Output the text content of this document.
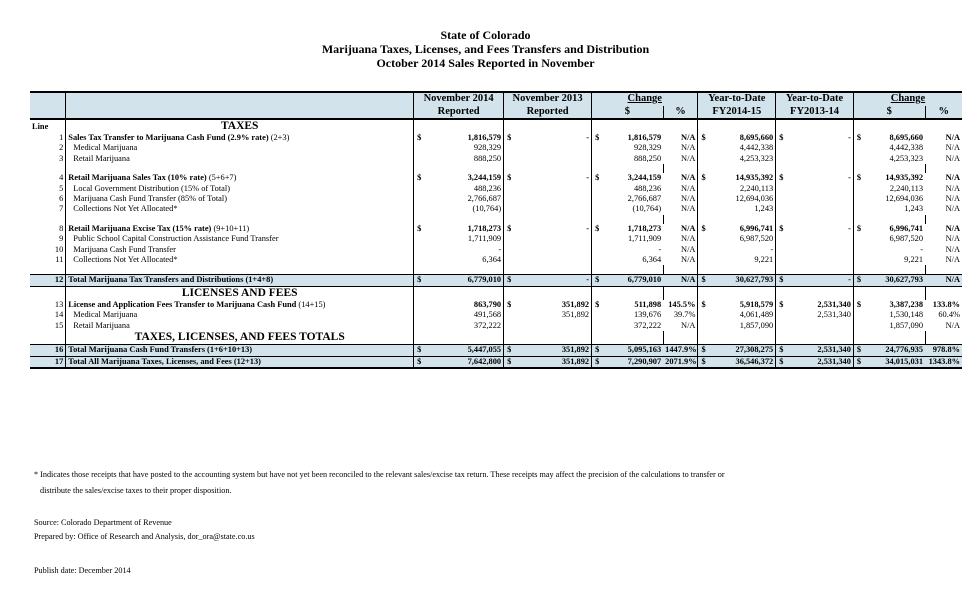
State of Colorado
Marijuana Taxes, Licenses, and Fees Transfers and Distribution
October 2014 Sales Reported in November
		November 2014		November 2013		Change			Year-to-Date		Year-to-Date		Change		
		Reported		Reported		$		%	FY2014-15		FY2013-14		$		%
Line	TAXES														
1	Sales Tax Transfer to Marijuana Cash Fund (2.9% rate) (2+3)	$	1,816,579	$	-	$	1,816,579	N/A	$	8,695,660	$	-	$	8,695,660	N/A
2	Medical Marijuana		928,329				928,329	N/A		4,442,338				4,442,338	N/A
3	Retail Marijuana		888,250				888,250	N/A		4,253,323				4,253,323	N/A

4	Retail Marijuana Sales Tax (10% rate) (5+6+7)	$	3,244,159	$	-	$	3,244,159	N/A	$	14,935,392	$	-	$	14,935,392	N/A
5	Local Government Distribution (15% of Total)		488,236				488,236	N/A		2,240,113				2,240,113	N/A
6	Marijuana Cash Fund Transfer (85% of Total)		2,766,687				2,766,687	N/A		12,694,036				12,694,036	N/A
7	Collections Not Yet Allocated*		(10,764)				(10,764)	N/A		1,243				1,243	N/A

8	Retail Marijuana Excise Tax (15% rate) (9+10+11)	$	1,718,273	$	-	$	1,718,273	N/A	$	6,996,741	$	-	$	6,996,741	N/A
9	Public School Capital Construction Assistance Fund Transfer		1,711,909				1,711,909	N/A		6,987,520				6,987,520	N/A
10	Marijuana Cash Fund Transfer		-				-	N/A		-				-	N/A
11	Collections Not Yet Allocated*		6,364				6,364	N/A		9,221				9,221	N/A

12	Total Marijuana Tax Transfers and Distributions (1+4+8)	$	6,779,010	$	-	$	6,779,010	N/A	$	30,627,793	$	-	$	30,627,793	N/A
	LICENSES AND FEES														
13	License and Application Fees Transfer to Marijuana Cash Fund (14+15)		863,790	$	351,892	$	511,898	145.5%	$	5,918,579	$	2,531,340	$	3,387,238	133.8%
14	Medical Marijuana		491,568		351,892		139,676	39.7%		4,061,489		2,531,340		1,530,148	60.4%
15	Retail Marijuana		372,222				372,222	N/A		1,857,090				1,857,090	N/A
	TAXES, LICENSES, AND FEES TOTALS														
16	Total Marijuana Cash Fund Transfers (1+6+10+13)	$	5,447,055	$	351,892	$	5,095,163	1447.9%	$	27,308,275	$	2,531,340	$	24,776,935	978.8%
17	Total All Marijuana Taxes, Licenses, and Fees (12+13)	$	7,642,800	$	351,892	$	7,290,907	2071.9%	$	36,546,372	$	2,531,340	$	34,015,031	1343.8%
* Indicates those receipts that have posted to the accounting system but have not yet been reconciled to the relevant sales/excise tax return. These receipts may affect the precision of the calculations to transfer or
distribute the sales/excise taxes to their proper disposition.
Source: Colorado Department of Revenue
Prepared by: Office of Research and Analysis, dor_ora@state.co.us
Publish date: December 2014
